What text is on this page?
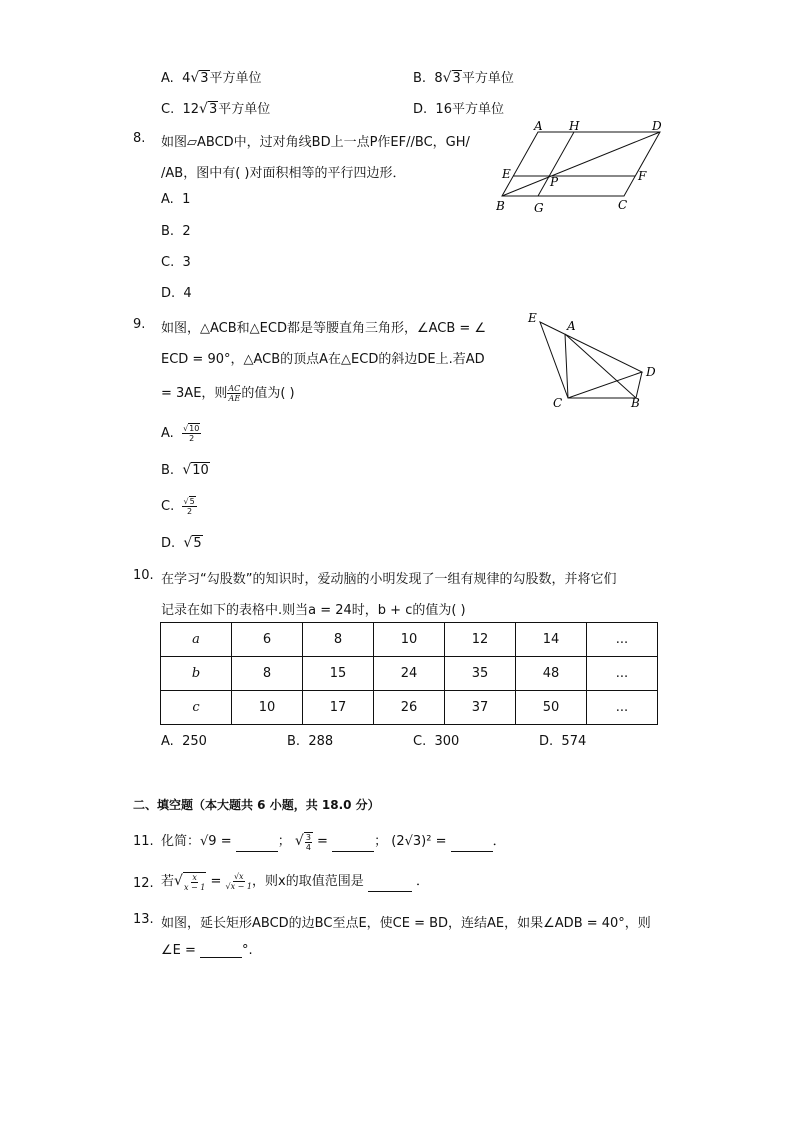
A. 4√3平方单位	B. 8√3平方单位
C. 12√3平方单位	D. 16平方单位
8. 如图▱ABCD中，过对角线BD上一点P作EF//BC，GH/
/AB，图中有( )对面积相等的平行四边形．
A. 1
B. 2
C. 3
D. 4
A H	D
E
P	F
B G	C
9. 如图，△ACB和△ECD都是等腰直角三角形，∠ACB = ∠
ECD = 90°，△ACB的顶点A在△ECD的斜边DE上.若AD
= 3AE，则 $\frac{AC}{AE}$ 的值为( )
A. $\frac{√10}{2}$
B. √10
C. $\frac{√5}{2}$
D. √5
E
A
D
C	B
10. 在学习“勾股数”的知识时，爱动脑的小明发现了一组有规律的勾股数，并将它们
记录在如下的表格中.则当a = 24时，b + c的值为( )
a	6	8	10	12	14	...
b	8	15	24	35	48	...
c	10	17	26	37	50	...
A. 250	B. 288	C. 300	D. 574
二、填空题（本大题共 6 小题，共 18.0 分）
11. 化简：√9 =	； √ $\frac{3}{4}$ =	； (2√3)² =	．
12. 若√ $\frac{x}{x - 1} = \frac{√x}{√x - 1}$ ，则x的取值范围是	．
13. 如图，延长矩形ABCD的边BC至点E，使CE = BD，连结AE，如果∠ADB = 40°，则
∠E =	°.
